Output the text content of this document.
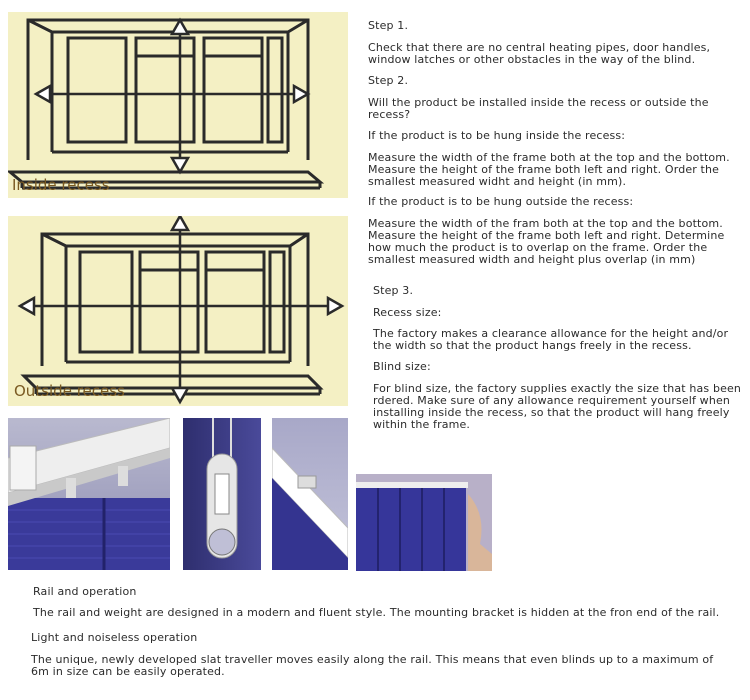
Inside recess
Outside recess
Step 1.
Check that there are no central heating pipes, door handles, window latches or other obstacles in the way of the blind.
Step 2.
Will the product be installed inside the recess or outside the recess?
If the product is to be hung inside the recess:
Measure the width of the frame both at the top and the bottom. Measure the height of the frame both left and right. Order the smallest measured widht and height (in mm).
If the product is to be hung outside the recess:
Measure the width of the fram both at the top and the bottom. Measure the height of the frame both left and right. Determine how much the product is to overlap on the frame. Order the smallest measured width and height plus overlap (in mm)
Step 3.
Recess size:
The factory makes a clearance allowance for the height and/or the width so that the product hangs freely in the recess.
Blind size:
For blind size, the factory supplies exactly the size that has been rdered. Make sure of any allowance requirement yourself when installing inside the recess, so that the product will hang freely within the frame.
Rail and operation
The rail and weight are designed in a modern and fluent style. The mounting bracket is hidden at the fron end of the rail.
Light and noiseless operation
The unique, newly developed slat traveller moves easily along the rail. This means that even blinds up to a maximum of 6m in size can be easily operated.
